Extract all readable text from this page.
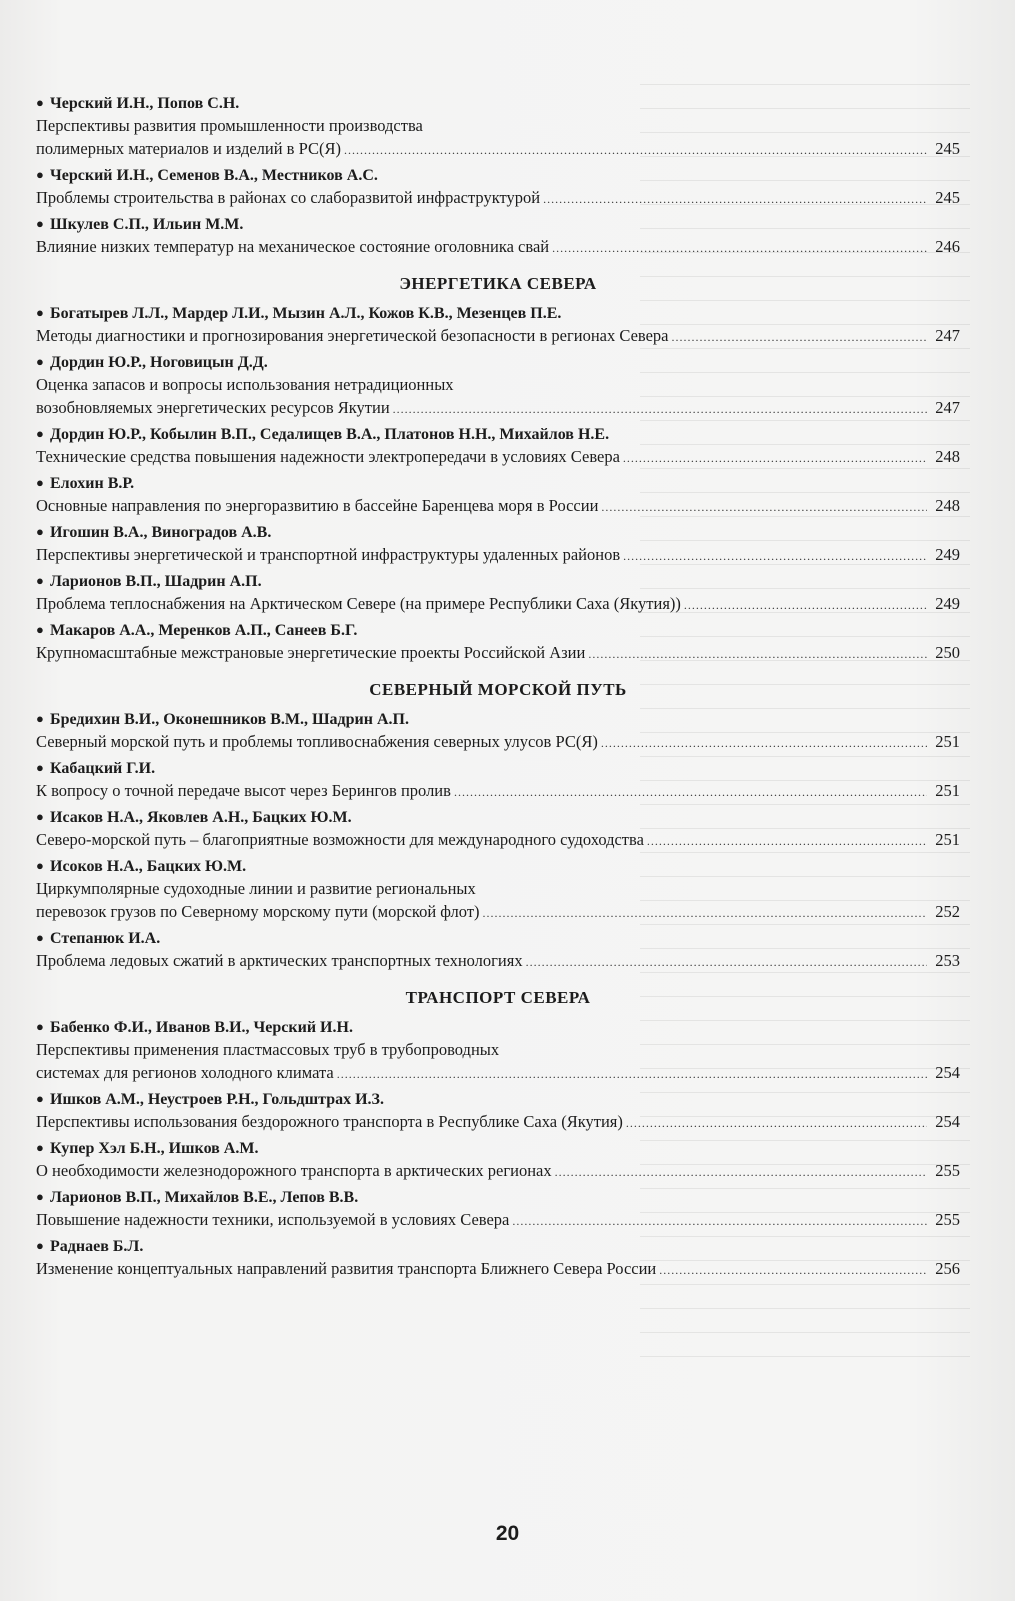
● Черский И.Н., Попов С.Н.
Перспективы развития промышленности производства
полимерных материалов и изделий в РС(Я) .....	245
● Черский И.Н., Семенов В.А., Местников А.С.
Проблемы строительства в районах со слаборазвитой инфраструктурой .....	245
● Шкулев С.П., Ильин М.М.
Влияние низких температур на механическое состояние оголовника свай .....	246
ЭНЕРГЕТИКА СЕВЕРА
● Богатырев Л.Л., Мардер Л.И., Мызин А.Л., Кожов К.В., Мезенцев П.Е.
Методы диагностики и прогнозирования энергетической безопасности в регионах Севера .....	247
● Дордин Ю.Р., Ноговицын Д.Д.
Оценка запасов и вопросы использования нетрадиционных
возобновляемых энергетических ресурсов Якутии .....	247
● Дордин Ю.Р., Кобылин В.П., Седалищев В.А., Платонов Н.Н., Михайлов Н.Е.
Технические средства повышения надежности электропередачи в условиях Севера .....	248
● Елохин В.Р.
Основные направления по энергоразвитию в бассейне Баренцева моря в России .....	248
● Игошин В.А., Виноградов А.В.
Перспективы энергетической и транспортной инфраструктуры удаленных районов .....	249
● Ларионов В.П., Шадрин А.П.
Проблема теплоснабжения на Арктическом Севере (на примере Республики Саха (Якутия)) .....	249
● Макаров А.А., Меренков А.П., Санеев Б.Г.
Крупномасштабные межстрановые энергетические проекты Российской Азии .....	250
СЕВЕРНЫЙ МОРСКОЙ ПУТЬ
● Бредихин В.И., Оконешников В.М., Шадрин А.П.
Северный морской путь и проблемы топливоснабжения северных улусов РС(Я) .....	251
● Кабацкий Г.И.
К вопросу о точной передаче высот через Берингов пролив .....	251
● Исаков Н.А., Яковлев А.Н., Бацких Ю.М.
Северо-морской путь – благоприятные возможности для международного судоходства .....	251
● Исоков Н.А., Бацких Ю.М.
Циркумполярные судоходные линии и развитие региональных
перевозок грузов по Северному морскому пути (морской флот) .....	252
● Степанюк И.А.
Проблема ледовых сжатий в арктических транспортных технологиях .....	253
ТРАНСПОРТ СЕВЕРА
● Бабенко Ф.И., Иванов В.И., Черский И.Н.
Перспективы применения пластмассовых труб в трубопроводных
системах для регионов холодного климата .....	254
● Ишков А.М., Неустроев Р.Н., Гольдштрах И.З.
Перспективы использования бездорожного транспорта в Республике Саха (Якутия) .....	254
● Купер Хэл Б.Н., Ишков А.М.
О необходимости железнодорожного транспорта в арктических регионах .....	255
● Ларионов В.П., Михайлов В.Е., Лепов В.В.
Повышение надежности техники, используемой в условиях Севера .....	255
● Раднаев Б.Л.
Изменение концептуальных направлений развития транспорта Ближнего Севера России .....	256
20
